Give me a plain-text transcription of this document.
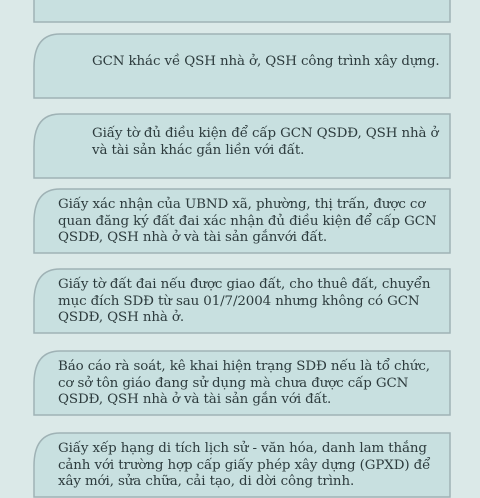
GCN khác về QSH nhà ở, QSH công trình xây dựng.
Giấy tờ đủ điều kiện để cấp GCN QSDĐ, QSH nhà ở và tài sản khác gắn liền với đất.
Giấy xác nhận của UBND xã, phường, thị trấn, được cơ quan đăng ký đất đai xác nhận đủ điều kiện để cấp GCN QSDĐ, QSH nhà ở và tài sản gắnvới đất.
Giấy tờ đất đai nếu được giao đất, cho thuê đất, chuyển mục đích SDĐ từ sau 01/7/2004 nhưng không có GCN QSDĐ, QSH nhà ở.
Báo cáo rà soát, kê khai hiện trạng SDĐ nếu là tổ chức, cơ sở tôn giáo đang sử dụng mà chưa được cấp GCN QSDĐ, QSH nhà ở và tài sản gắn với đất.
Giấy xếp hạng di tích lịch sử - văn hóa, danh lam thắng cảnh với trường hợp cấp giấy phép xây dựng (GPXD) để xây mới, sửa chữa, cải tạo, di dời công trình.
